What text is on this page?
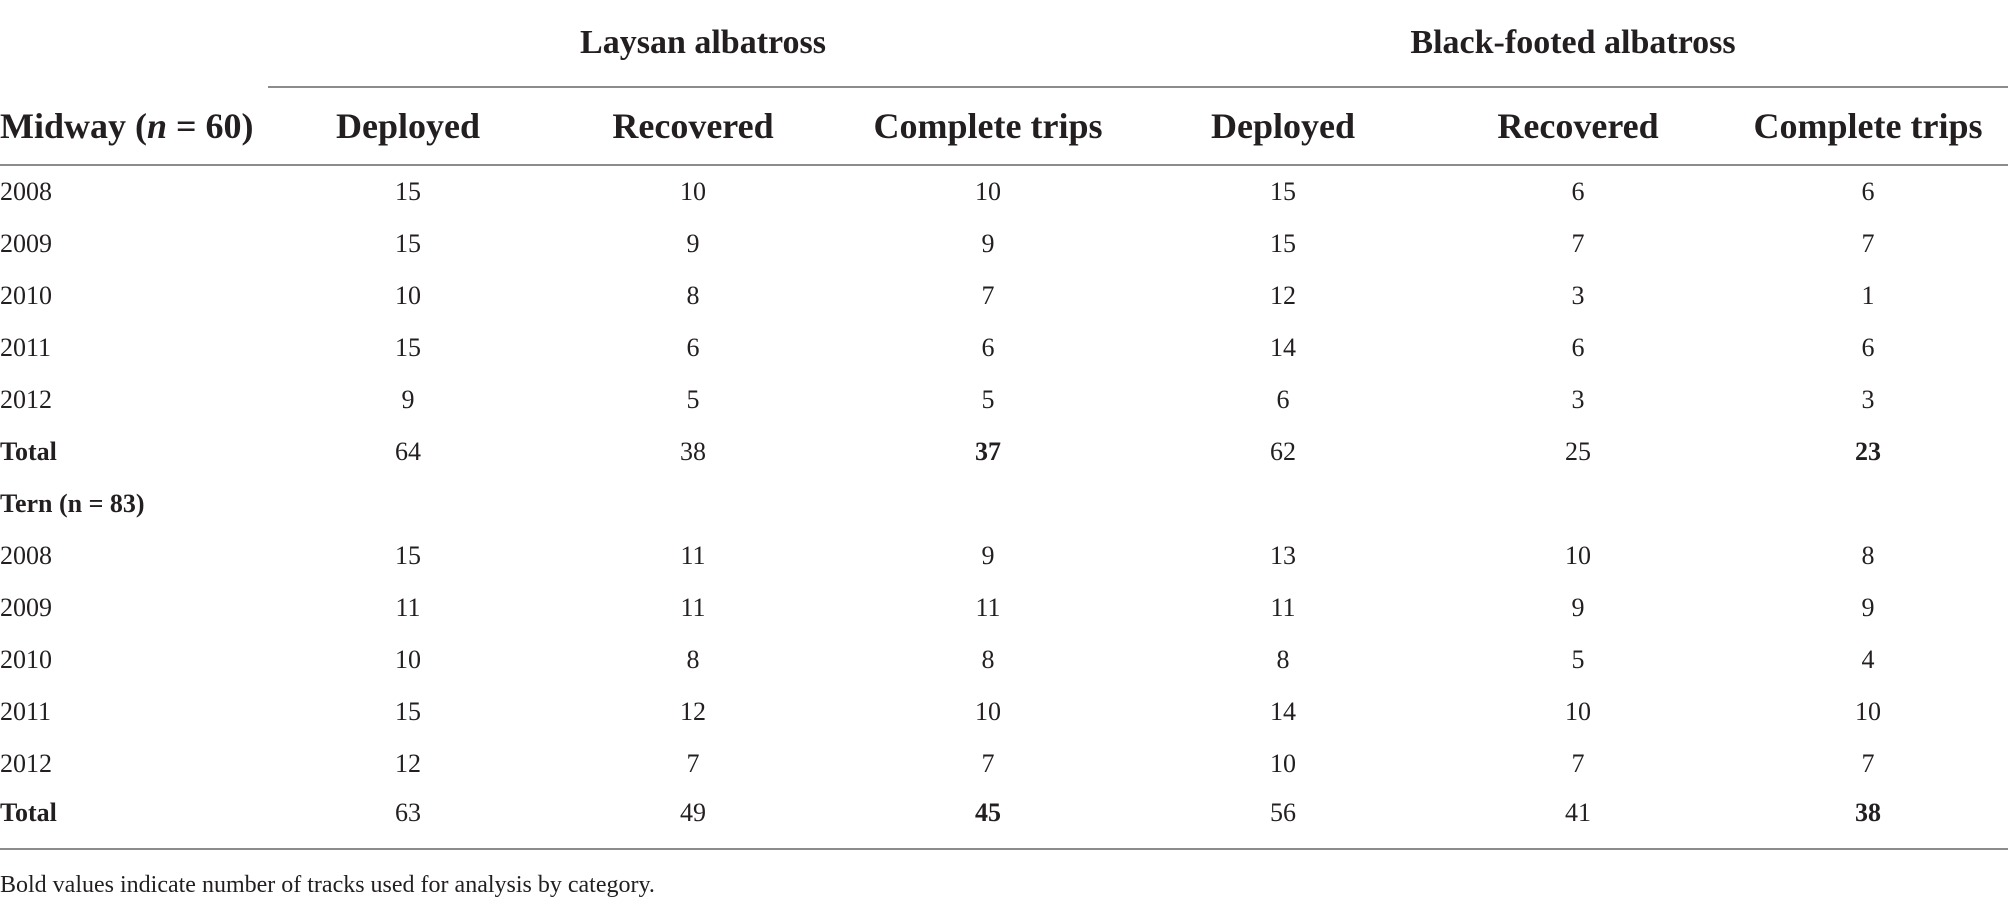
	Laysan albatross			Black-footed albatross		
Midway (n = 60)	Deployed	Recovered	Complete trips	Deployed	Recovered	Complete trips
2008	15	10	10	15	6	6
2009	15	9	9	15	7	7
2010	10	8	7	12	3	1
2011	15	6	6	14	6	6
2012	9	5	5	6	3	3
Total	64	38	37	62	25	23
Tern (n = 83)						
2008	15	11	9	13	10	8
2009	11	11	11	11	9	9
2010	10	8	8	8	5	4
2011	15	12	10	14	10	10
2012	12	7	7	10	7	7
Total	63	49	45	56	41	38
Bold values indicate number of tracks used for analysis by category.
